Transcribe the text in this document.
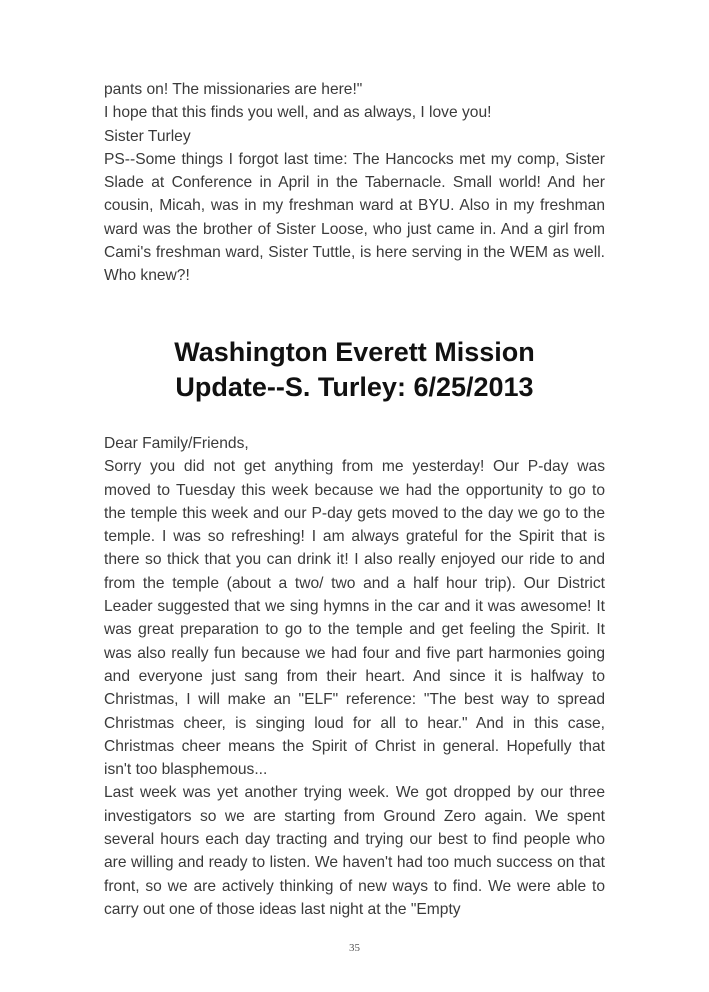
pants on! The missionaries are here!"

I hope that this finds you well, and as always, I love you!

Sister Turley

PS--Some things I forgot last time: The Hancocks met my comp, Sister Slade at Conference in April in the Tabernacle. Small world! And her cousin, Micah, was in my freshman ward at BYU. Also in my freshman ward was the brother of Sister Loose, who just came in. And a girl from Cami's freshman ward, Sister Tuttle, is here serving in the WEM as well. Who knew?!

Washington Everett Mission
Update--S. Turley: 6/25/2013

Dear Family/Friends,

Sorry you did not get anything from me yesterday! Our P-day was moved to Tuesday this week because we had the opportunity to go to the temple this week and our P-day gets moved to the day we go to the temple. I was so refreshing! I am always grateful for the Spirit that is there so thick that you can drink it! I also really enjoyed our ride to and from the temple (about a two/ two and a half hour trip). Our District Leader suggested that we sing hymns in the car and it was awesome! It was great preparation to go to the temple and get feeling the Spirit. It was also really fun because we had four and five part harmonies going and everyone just sang from their heart. And since it is halfway to Christmas, I will make an "ELF" reference: "The best way to spread Christmas cheer, is singing loud for all to hear." And in this case, Christmas cheer means the Spirit of Christ in general. Hopefully that isn't too blasphemous...

Last week was yet another trying week. We got dropped by our three investigators so we are starting from Ground Zero again. We spent several hours each day tracting and trying our best to find people who are willing and ready to listen. We haven't had too much success on that front, so we are actively thinking of new ways to find. We were able to carry out one of those ideas last night at the "Empty

35
